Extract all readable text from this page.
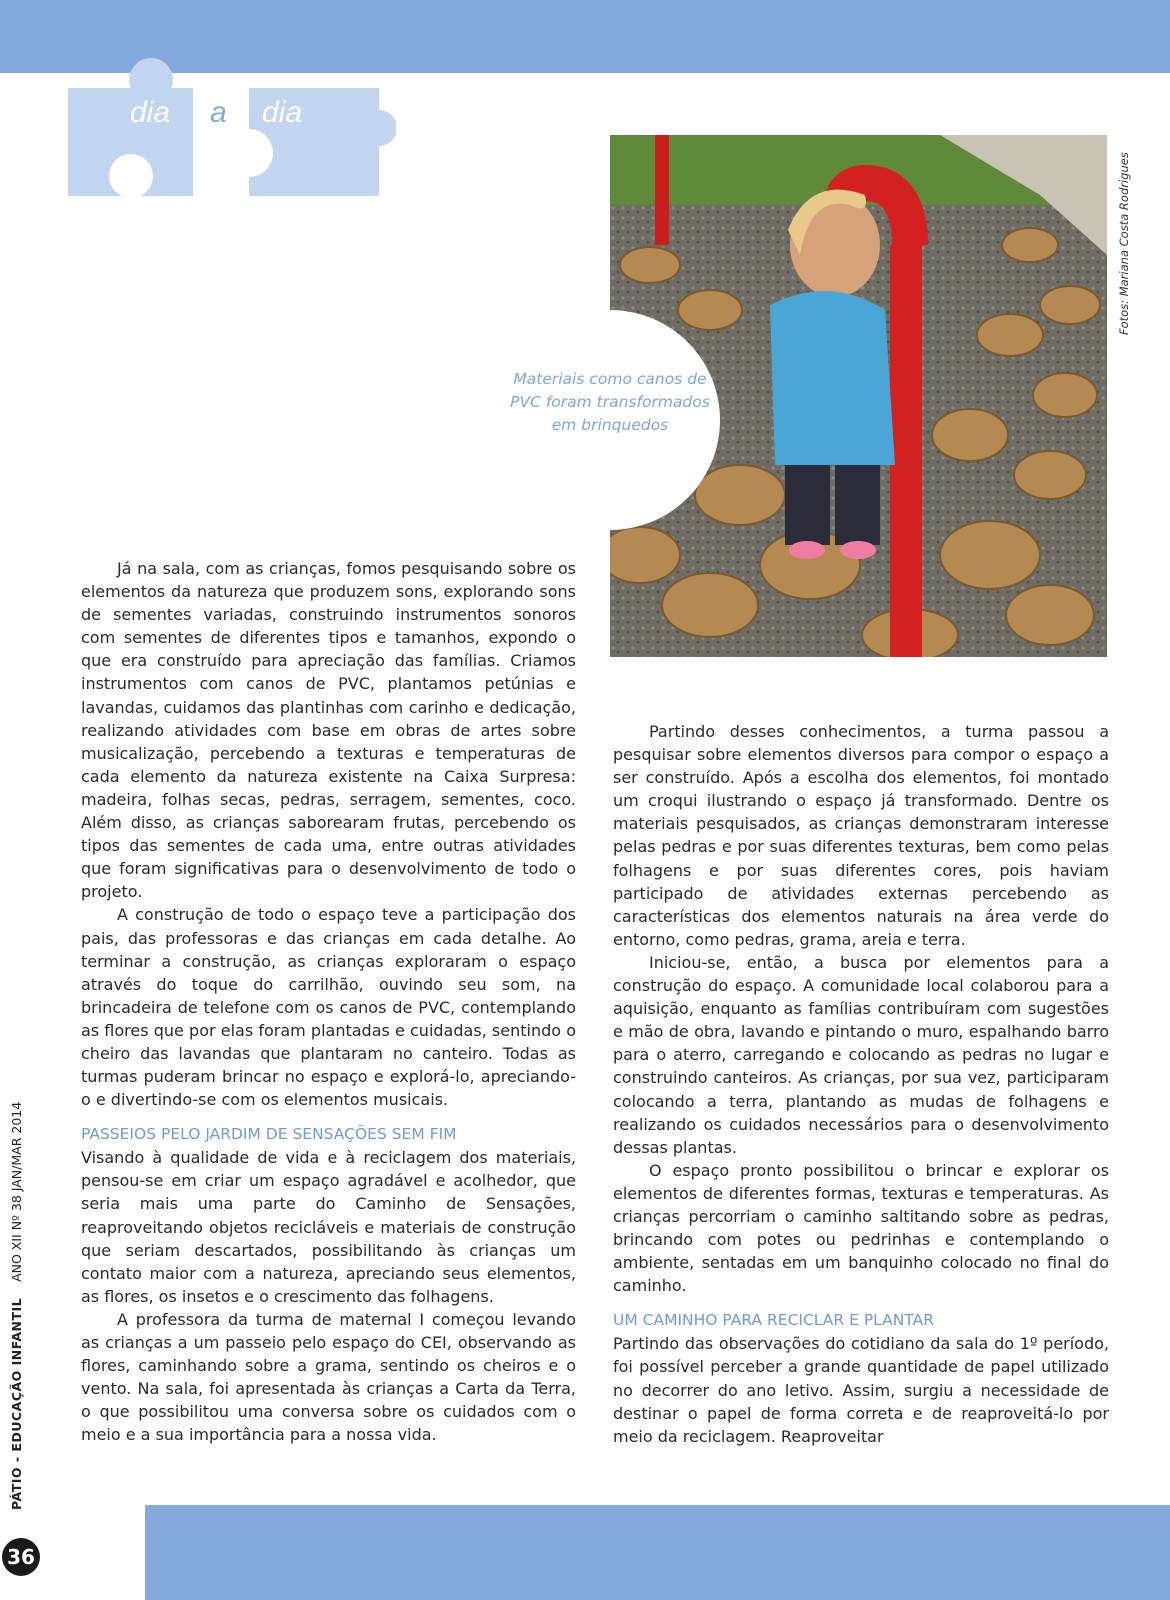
dia a dia
Materiais como canos de PVC foram transformados em brinquedos
Fotos: Mariana Costa Rodrigues

Já na sala, com as crianças, fomos pesquisando sobre os elementos da natureza que produzem sons, explorando sons de sementes variadas, construindo instrumentos sonoros com sementes de diferentes tipos e tamanhos, expondo o que era construído para apreciação das famílias. Criamos instrumentos com canos de PVC, plantamos petúnias e lavandas, cuidamos das plantinhas com carinho e dedicação, realizando atividades com base em obras de artes sobre musicalização, percebendo a texturas e temperaturas de cada elemento da natureza existente na Caixa Surpresa: madeira, folhas secas, pedras, serragem, sementes, coco. Além disso, as crianças saborearam frutas, percebendo os tipos das sementes de cada uma, entre outras atividades que foram significativas para o desenvolvimento de todo o projeto.

A construção de todo o espaço teve a participação dos pais, das professoras e das crianças em cada detalhe. Ao terminar a construção, as crianças exploraram o espaço através do toque do carrilhão, ouvindo seu som, na brincadeira de telefone com os canos de PVC, contemplando as flores que por elas foram plantadas e cuidadas, sentindo o cheiro das lavandas que plantaram no canteiro. Todas as turmas puderam brincar no espaço e explorá-lo, apreciando-o e divertindo-se com os elementos musicais.

PASSEIOS PELO JARDIM DE SENSAÇÕES SEM FIM

Visando à qualidade de vida e à reciclagem dos materiais, pensou-se em criar um espaço agradável e acolhedor, que seria mais uma parte do Caminho de Sensações, reaproveitando objetos recicláveis e materiais de construção que seriam descartados, possibilitando às crianças um contato maior com a natureza, apreciando seus elementos, as flores, os insetos e o crescimento das folhagens.

A professora da turma de maternal I começou levando as crianças a um passeio pelo espaço do CEI, observando as flores, caminhando sobre a grama, sentindo os cheiros e o vento. Na sala, foi apresentada às crianças a Carta da Terra, o que possibilitou uma conversa sobre os cuidados com o meio e a sua importância para a nossa vida.

Partindo desses conhecimentos, a turma passou a pesquisar sobre elementos diversos para compor o espaço a ser construído. Após a escolha dos elementos, foi montado um croqui ilustrando o espaço já transformado. Dentre os materiais pesquisados, as crianças demonstraram interesse pelas pedras e por suas diferentes texturas, bem como pelas folhagens e por suas diferentes cores, pois haviam participado de atividades externas percebendo as características dos elementos naturais na área verde do entorno, como pedras, grama, areia e terra.

Iniciou-se, então, a busca por elementos para a construção do espaço. A comunidade local colaborou para a aquisição, enquanto as famílias contribuíram com sugestões e mão de obra, lavando e pintando o muro, espalhando barro para o aterro, carregando e colocando as pedras no lugar e construindo canteiros. As crianças, por sua vez, participaram colocando a terra, plantando as mudas de folhagens e realizando os cuidados necessários para o desenvolvimento dessas plantas.

O espaço pronto possibilitou o brincar e explorar os elementos de diferentes formas, texturas e temperaturas. As crianças percorriam o caminho saltitando sobre as pedras, brincando com potes ou pedrinhas e contemplando o ambiente, sentadas em um banquinho colocado no final do caminho.

UM CAMINHO PARA RECICLAR E PLANTAR

Partindo das observações do cotidiano da sala do 1º período, foi possível perceber a grande quantidade de papel utilizado no decorrer do ano letivo. Assim, surgiu a necessidade de destinar o papel de forma correta e de reaproveitá-lo por meio da reciclagem. Reaproveitar

PÁTIO - EDUCAÇÃO INFANTIL    ANO XII Nº 38 JAN/MAR 2014
36
